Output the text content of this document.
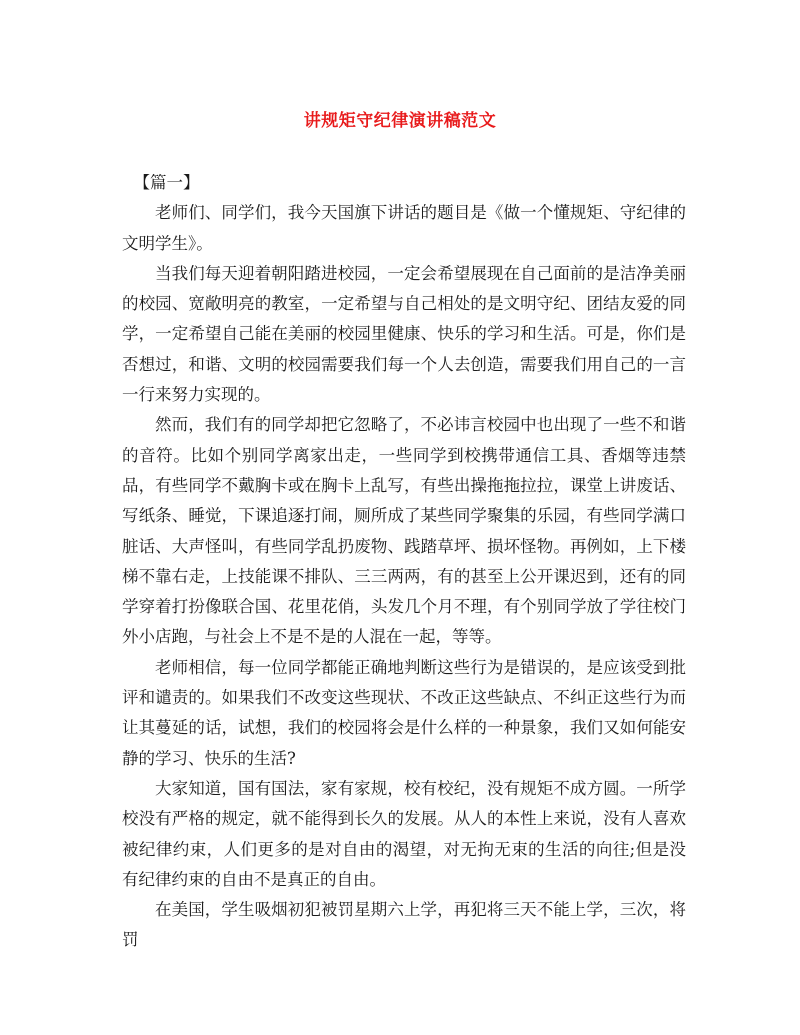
讲规矩守纪律演讲稿范文

【篇一】

老师们、同学们，我今天国旗下讲话的题目是《做一个懂规矩、守纪律的文明学生》。

当我们每天迎着朝阳踏进校园，一定会希望展现在自己面前的是洁净美丽的校园、宽敞明亮的教室，一定希望与自己相处的是文明守纪、团结友爱的同学，一定希望自己能在美丽的校园里健康、快乐的学习和生活。可是，你们是否想过，和谐、文明的校园需要我们每一个人去创造，需要我们用自己的一言一行来努力实现的。

然而，我们有的同学却把它忽略了，不必讳言校园中也出现了一些不和谐的音符。比如个别同学离家出走，一些同学到校携带通信工具、香烟等违禁品，有些同学不戴胸卡或在胸卡上乱写，有些出操拖拖拉拉，课堂上讲废话、写纸条、睡觉，下课追逐打闹，厕所成了某些同学聚集的乐园，有些同学满口脏话、大声怪叫，有些同学乱扔废物、践踏草坪、损坏怪物。再例如，上下楼梯不靠右走，上技能课不排队、三三两两，有的甚至上公开课迟到，还有的同学穿着打扮像联合国、花里花俏，头发几个月不理，有个别同学放了学往校门外小店跑，与社会上不是不是的人混在一起，等等。

老师相信，每一位同学都能正确地判断这些行为是错误的，是应该受到批评和谴责的。如果我们不改变这些现状、不改正这些缺点、不纠正这些行为而让其蔓延的话，试想，我们的校园将会是什么样的一种景象，我们又如何能安静的学习、快乐的生活?

大家知道，国有国法，家有家规，校有校纪，没有规矩不成方圆。一所学校没有严格的规定，就不能得到长久的发展。从人的本性上来说，没有人喜欢被纪律约束，人们更多的是对自由的渴望，对无拘无束的生活的向往;但是没有纪律约束的自由不是真正的自由。

在美国，学生吸烟初犯被罚星期六上学，再犯将三天不能上学，三次，将罚
